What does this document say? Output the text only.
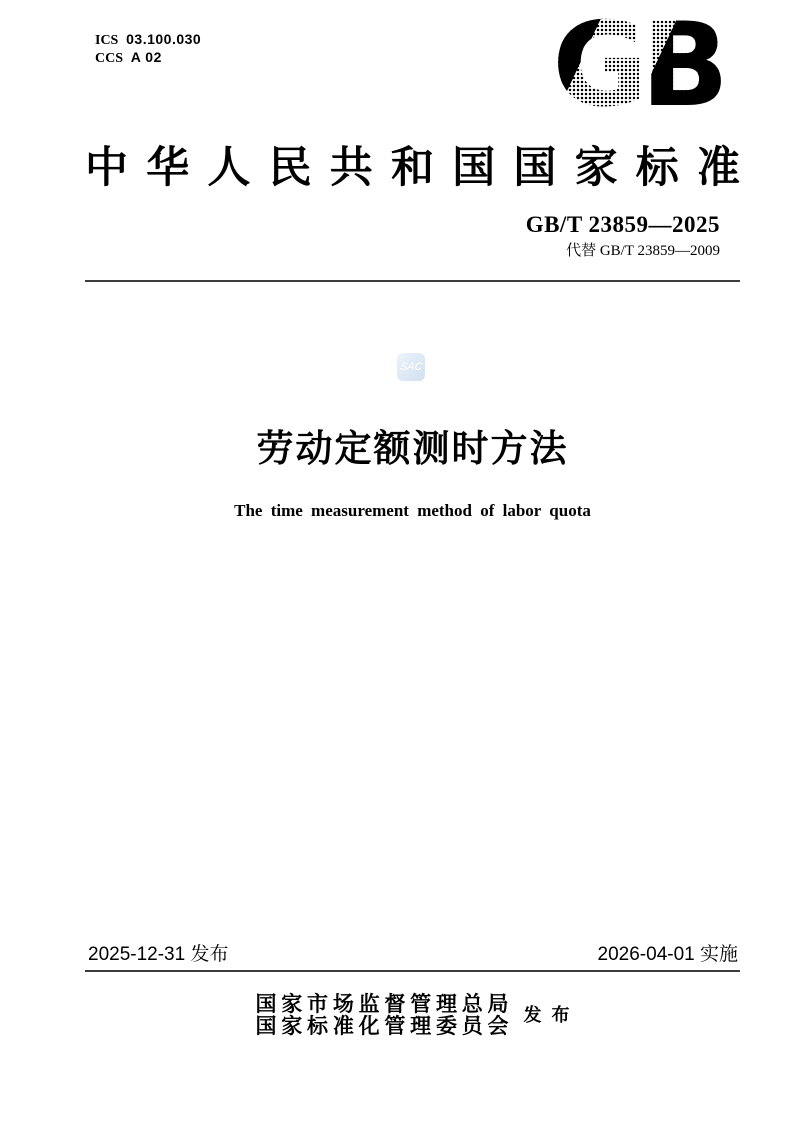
ICS 03.100.030
CCS A 02	GB
中华人民共和国国家标准
GB/T 23859—2025
代替 GB/T 23859—2009
SAC
劳动定额测时方法
The time measurement method of labor quota
2025-12-31 发布	2026-04-01 实施
国家市场监督管理总局
国家标准化管理委员会 发布
